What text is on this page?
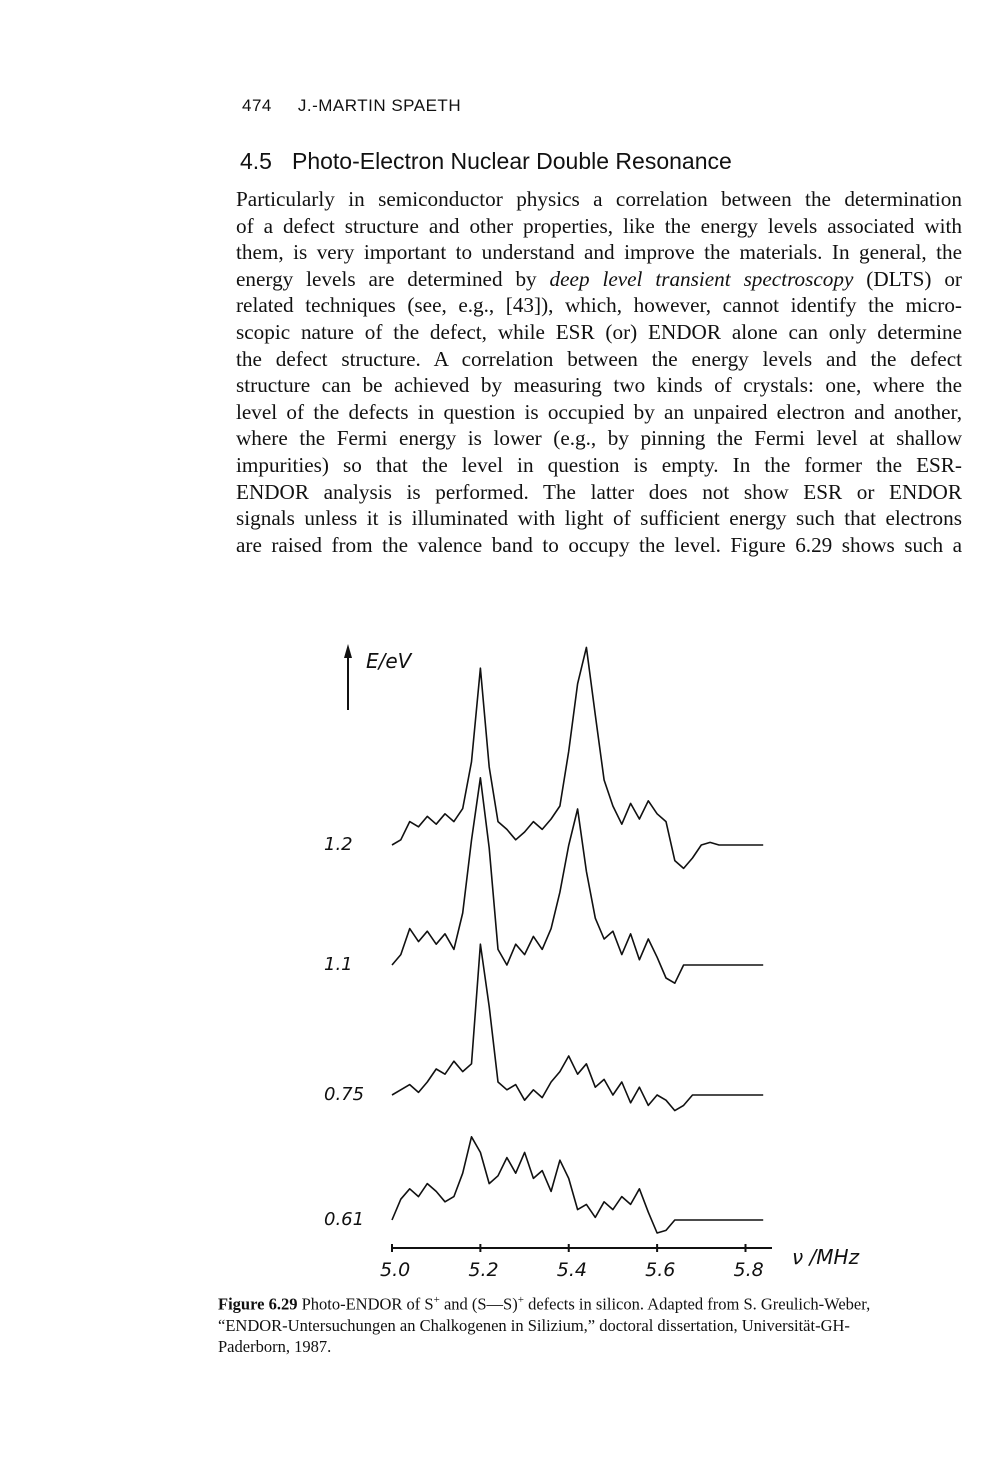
474 J.-MARTIN SPAETH
4.5 Photo-Electron Nuclear Double Resonance
Particularly in semiconductor physics a correlation between the determination
of a defect structure and other properties, like the energy levels associated with
them, is very important to understand and improve the materials. In general, the
energy levels are determined by deep level transient spectroscopy (DLTS) or
related techniques (see, e.g., [43]), which, however, cannot identify the micro-
scopic nature of the defect, while ESR (or) ENDOR alone can only determine
the defect structure. A correlation between the energy levels and the defect
structure can be achieved by measuring two kinds of crystals: one, where the
level of the defects in question is occupied by an unpaired electron and another,
where the Fermi energy is lower (e.g., by pinning the Fermi level at shallow
impurities) so that the level in question is empty. In the former the ESR-
ENDOR analysis is performed. The latter does not show ESR or ENDOR
signals unless it is illuminated with light of sufficient energy such that electrons
are raised from the valence band to occupy the level. Figure 6.29 shows such a
E/eV
1.2
1.1
0.75
0.61
5.0	5.2	5.4	5.6	5.8
ν /MHz
Figure 6.29 Photo-ENDOR of S+ and (S—S)+ defects in silicon. Adapted from S. Greulich-Weber,
“ENDOR-Untersuchungen an Chalkogenen in Silizium,” doctoral dissertation, Universität-GH-
Paderborn, 1987.
